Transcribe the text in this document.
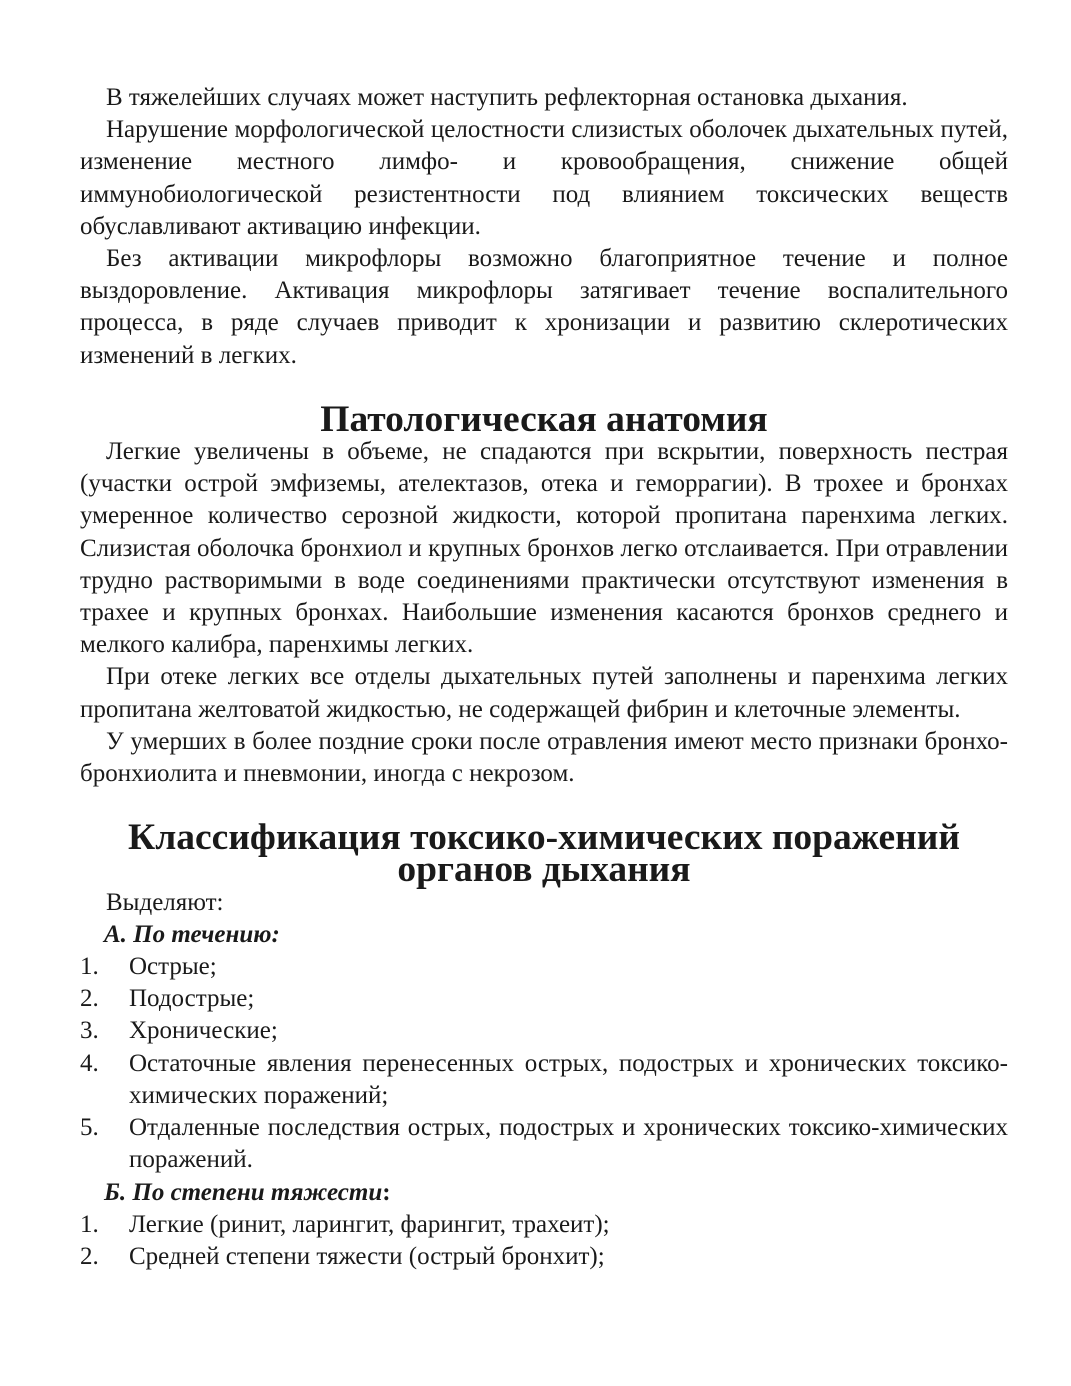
В тяжелейших случаях может наступить рефлекторная остановка дыхания.

Нарушение морфологической целостности слизистых оболочек дыхательных путей, изменение местного лимфо- и кровообращения, снижение общей иммунобиологической резистентности под влиянием токсических веществ обуславливают активацию инфекции.

Без активации микрофлоры возможно благоприятное течение и полное выздоровление. Активация микрофлоры затягивает течение воспалительного процесса, в ряде случаев приводит к хронизации и развитию склеротических изменений в легких.

Патологическая анатомия

Легкие увеличены в объеме, не спадаются при вскрытии, поверхность пестрая (участки острой эмфиземы, ателектазов, отека и геморрагии). В трохее и бронхах умеренное количество серозной жидкости, которой пропитана паренхима легких. Слизистая оболочка бронхиол и крупных бронхов легко отслаивается. При отравлении трудно растворимыми в воде соединениями практически отсутствуют изменения в трахее и крупных бронхах. Наибольшие изменения касаются бронхов среднего и мелкого калибра, паренхимы легких.

При отеке легких все отделы дыхательных путей заполнены и паренхима легких пропитана желтоватой жидкостью, не содержащей фибрин и клеточные элементы.

У умерших в более поздние сроки после отравления имеют место признаки бронхо-бронхиолита и пневмонии, иногда с некрозом.

Классификация токсико-химических поражений органов дыхания

Выделяют:

А. По течению:

1. Острые;
2. Подострые;
3. Хронические;
4. Остаточные явления перенесенных острых, подострых и хронических токсико-химических поражений;
5. Отдаленные последствия острых, подострых и хронических токсико-химических поражений.

Б. По степени тяжести:

1. Легкие (ринит, ларингит, фарингит, трахеит);
2. Средней степени тяжести (острый бронхит);
